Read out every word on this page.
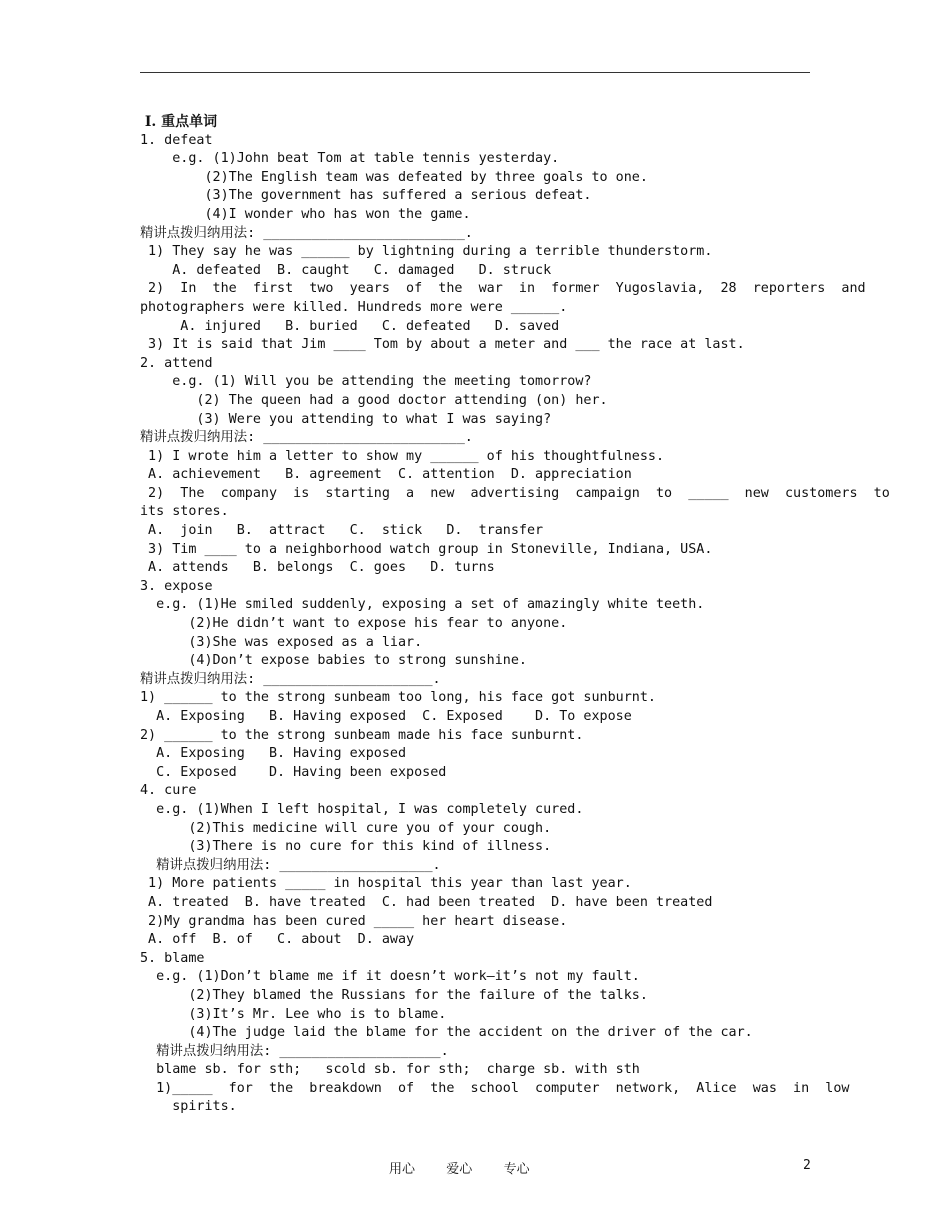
Ⅰ. 重点单词
1. defeat
e.g. (1)John beat Tom at table tennis yesterday.
(2)The English team was defeated by three goals to one.
(3)The government has suffered a serious defeat.
(4)I wonder who has won the game.
精讲点拨归纳用法: _________________________.
1) They say he was ______ by lightning during a terrible thunderstorm.
A. defeated  B. caught   C. damaged   D. struck
2)  In  the  first  two  years  of  the  war  in  former  Yugoslavia,  28  reporters  and
photographers were killed. Hundreds more were ______.
A. injured   B. buried   C. defeated   D. saved
3) It is said that Jim ____ Tom by about a meter and ___ the race at last.
2. attend
e.g. (1) Will you be attending the meeting tomorrow?
(2) The queen had a good doctor attending (on) her.
(3) Were you attending to what I was saying?
精讲点拨归纳用法: _________________________.
1) I wrote him a letter to show my ______ of his thoughtfulness.
A. achievement   B. agreement  C. attention  D. appreciation
2)  The  company  is  starting  a  new  advertising  campaign  to  _____  new  customers  to
its stores.
A.  join   B.  attract   C.  stick   D.  transfer
3) Tim ____ to a neighborhood watch group in Stoneville, Indiana, USA.
A. attends   B. belongs  C. goes   D. turns
3. expose
e.g. (1)He smiled suddenly, exposing a set of amazingly white teeth.
(2)He didn’t want to expose his fear to anyone.
(3)She was exposed as a liar.
(4)Don’t expose babies to strong sunshine.
精讲点拨归纳用法: _____________________.
1) ______ to the strong sunbeam too long, his face got sunburnt.
A. Exposing   B. Having exposed  C. Exposed    D. To expose
2) ______ to the strong sunbeam made his face sunburnt.
A. Exposing   B. Having exposed
C. Exposed    D. Having been exposed
4. cure
e.g. (1)When I left hospital, I was completely cured.
(2)This medicine will cure you of your cough.
(3)There is no cure for this kind of illness.
精讲点拨归纳用法: ___________________.
1) More patients _____ in hospital this year than last year.
A. treated  B. have treated  C. had been treated  D. have been treated
2)My grandma has been cured _____ her heart disease.
A. off  B. of   C. about  D. away
5. blame
e.g. (1)Don’t blame me if it doesn’t work—it’s not my fault.
(2)They blamed the Russians for the failure of the talks.
(3)It’s Mr. Lee who is to blame.
(4)The judge laid the blame for the accident on the driver of the car.
精讲点拨归纳用法: ____________________.
blame sb. for sth;   scold sb. for sth;  charge sb. with sth
1)_____  for  the  breakdown  of  the  school  computer  network,  Alice  was  in  low
spirits.
用心    爱心    专心	2
